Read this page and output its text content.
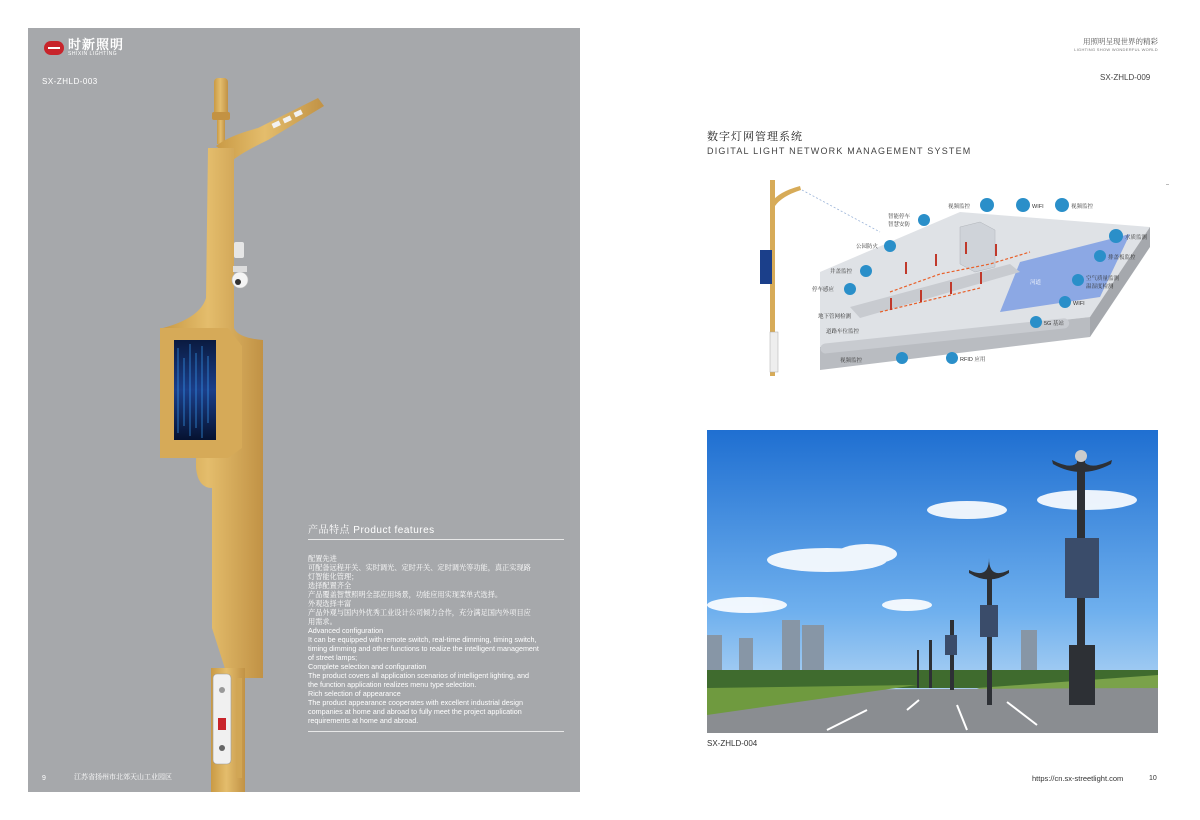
时新照明
SHIXIN LIGHTING
SX-ZHLD-003
产品特点 Product features

配置先进

可配备远程开关、实时调光、定时开关、定时调光等功能，真正实现路

灯智能化管理；

选择配置齐全

产品覆盖智慧照明全部应用场景，功能应用实现菜单式选择。

外观选择丰富

产品外观与国内外优秀工业设计公司倾力合作，充分满足国内外项目应

用需求。

Advanced configuration

It can be equipped with remote switch, real-time dimming, timing switch,

timing dimming and other functions to realize the intelligent management

of street lamps;

Complete selection and configuration

The product covers all application scenarios of intelligent lighting, and

the function application realizes menu type selection.

Rich selection of appearance

The product appearance cooperates with excellent industrial design

companies at home and abroad to fully meet the project application

requirements at home and abroad.

9	江苏省扬州市北郊天山工业园区
用照明呈现世界的精彩
LIGHTING SHOW WONDERFUL WORLD
SX-ZHLD-009
数字灯网管理系统
DIGITAL LIGHT NETWORK MANAGEMENT SYSTEM
视频监控	WIFI	视频监控
智能停车
智慧安防
公园防火
水质监测
排盖板监控
井盖监控
停车感应
河道
空气质量监测
温湿度检测
WIFI
地下管网检测
道路车位监控
5G 基站
视频监控	RFID 应用
SX-ZHLD-004
https://cn.sx-streetlight.com	10
